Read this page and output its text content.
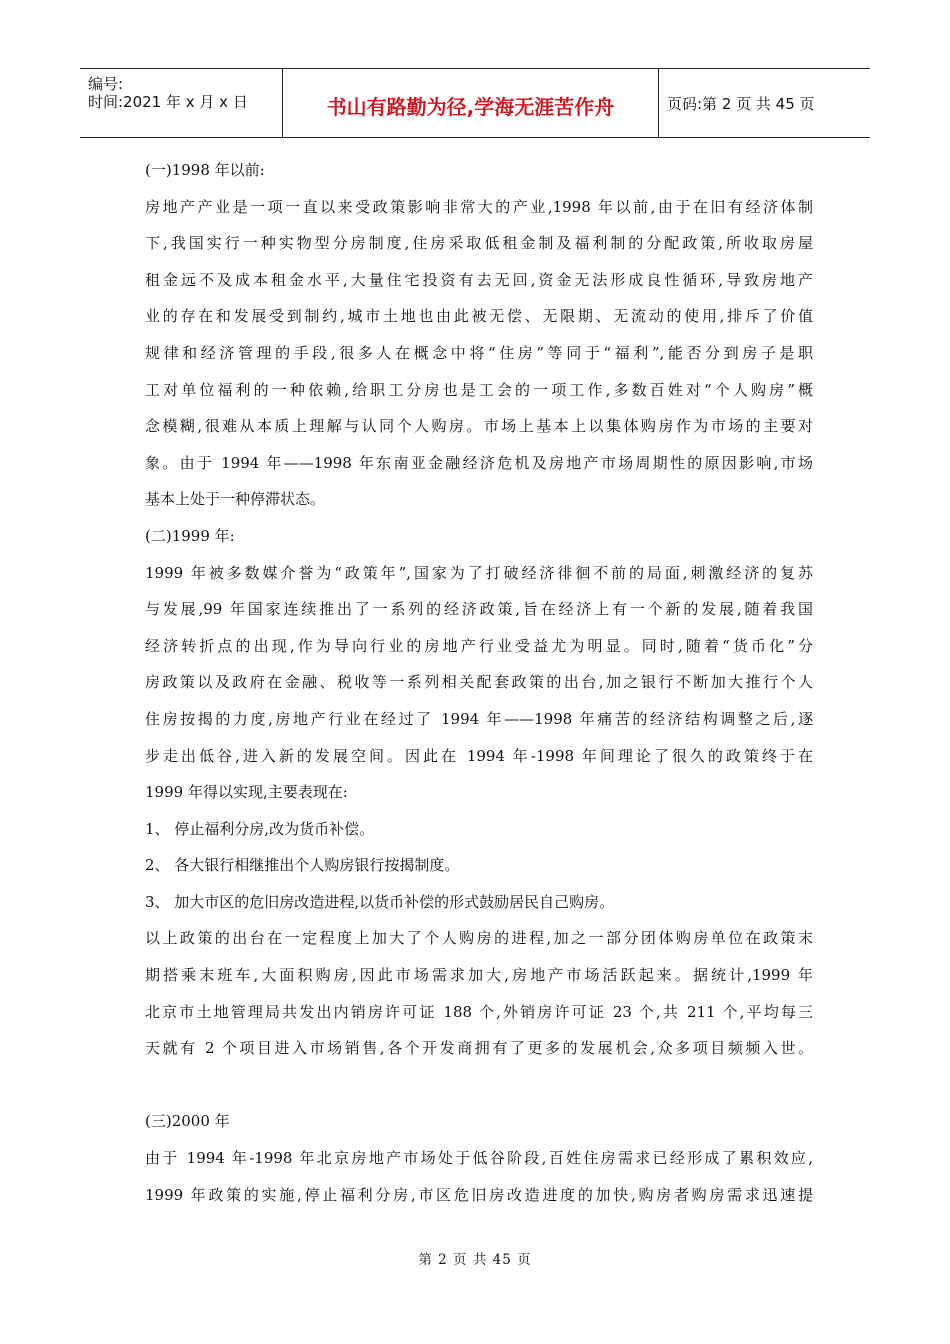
编号:
时间:2021 年 x 月 x 日	书山有路勤为径,学海无涯苦作舟	页码:第 2 页 共 45 页
(一)1998 年以前:
房地产产业是一项一直以来受政策影响非常大的产业,1998 年以前,由于在旧有经济体制
下,我国实行一种实物型分房制度,住房采取低租金制及福利制的分配政策,所收取房屋
租金远不及成本租金水平,大量住宅投资有去无回,资金无法形成良性循环,导致房地产
业的存在和发展受到制约,城市土地也由此被无偿、无限期、无流动的使用,排斥了价值
规律和经济管理的手段,很多人在概念中将“住房”等同于“福利”,能否分到房子是职
工对单位福利的一种依赖,给职工分房也是工会的一项工作,多数百姓对“个人购房”概
念模糊,很难从本质上理解与认同个人购房。市场上基本上以集体购房作为市场的主要对
象。由于 1994 年——1998 年东南亚金融经济危机及房地产市场周期性的原因影响,市场
基本上处于一种停滞状态。
(二)1999 年:
1999 年被多数媒介誉为“政策年”,国家为了打破经济徘徊不前的局面,刺激经济的复苏
与发展,99 年国家连续推出了一系列的经济政策,旨在经济上有一个新的发展,随着我国
经济转折点的出现,作为导向行业的房地产行业受益尤为明显。同时,随着“货币化”分
房政策以及政府在金融、税收等一系列相关配套政策的出台,加之银行不断加大推行个人
住房按揭的力度,房地产行业在经过了 1994 年——1998 年痛苦的经济结构调整之后,逐
步走出低谷,进入新的发展空间。因此在 1994 年-1998 年间理论了很久的政策终于在
1999 年得以实现,主要表现在:
1、 停止福利分房,改为货币补偿。
2、 各大银行相继推出个人购房银行按揭制度。
3、 加大市区的危旧房改造进程,以货币补偿的形式鼓励居民自己购房。
以上政策的出台在一定程度上加大了个人购房的进程,加之一部分团体购房单位在政策末
期搭乘末班车,大面积购房,因此市场需求加大,房地产市场活跃起来。据统计,1999 年
北京市土地管理局共发出内销房许可证 188 个,外销房许可证 23 个,共 211 个,平均每三
天就有 2 个项目进入市场销售,各个开发商拥有了更多的发展机会,众多项目频频入世。
(三)2000 年
由于 1994 年-1998 年北京房地产市场处于低谷阶段,百姓住房需求已经形成了累积效应,
1999 年政策的实施,停止福利分房,市区危旧房改造进度的加快,购房者购房需求迅速提
第 2 页 共 45 页
